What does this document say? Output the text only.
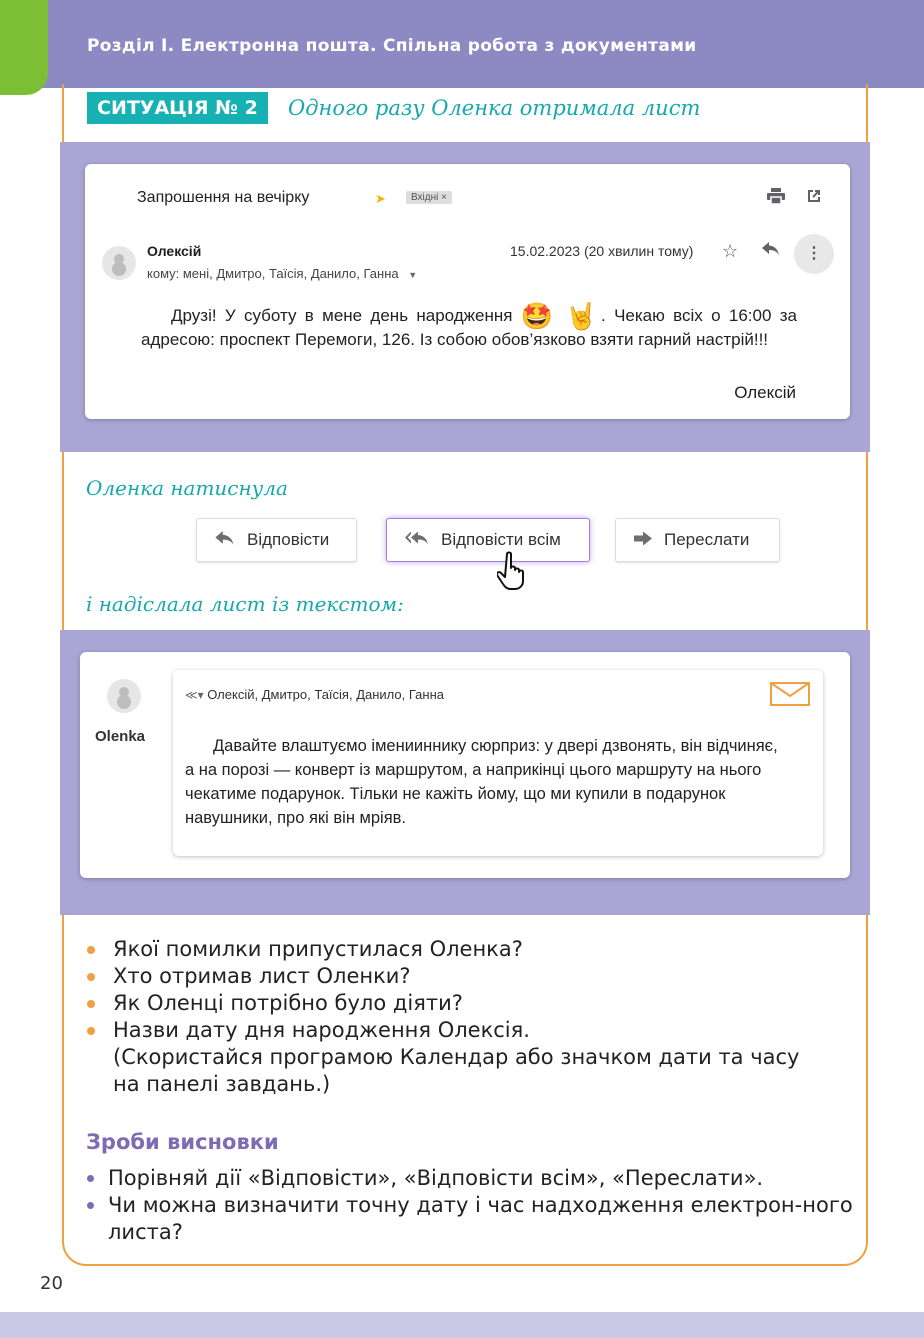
Розділ І. Електронна пошта. Спільна робота з документами
СИТУАЦІЯ № 2	Одного разу Оленка отримала лист
Запрошення на вечірку	➤	Вхідні ×
Олексій
кому: мені, Дмитро, Таїсія, Данило, Ганна ▼
15.02.2023 (20 хвилин тому) ☆	⋮
Друзі! У суботу в мене день народження 🤩 🤘. Чекаю всіх о 16:00 за адресою: проспект Перемоги, 126. Із собою обов’язково взяти гарний настрій!!!
Олексій
Оленка натиснула
Відповісти	Відповісти всім	Переслати
і надіслала лист із текстом:
Olenka
≪▾ Олексій, Дмитро, Таїсія, Данило, Ганна
Давайте влаштуємо іменииннику сюрприз: у двері дзвонять, він відчиняє, а на порозі — конверт із маршрутом, а наприкінці цього маршруту на нього чекатиме подарунок. Тільки не кажіть йому, що ми купили в подарунок навушники, про які він мріяв.
Якої помилки припустилася Оленка?
Хто отримав лист Оленки?
Як Оленці потрібно було діяти?
Назви дату дня народження Олексія.
(Скористайся програмою Календар або значком дати та часу
на панелі завдань.)
Зроби висновки
Порівняй дії «Відповісти», «Відповісти всім», «Переслати».
Чи можна визначити точну дату і час надходження електрон-ного листа?
20
